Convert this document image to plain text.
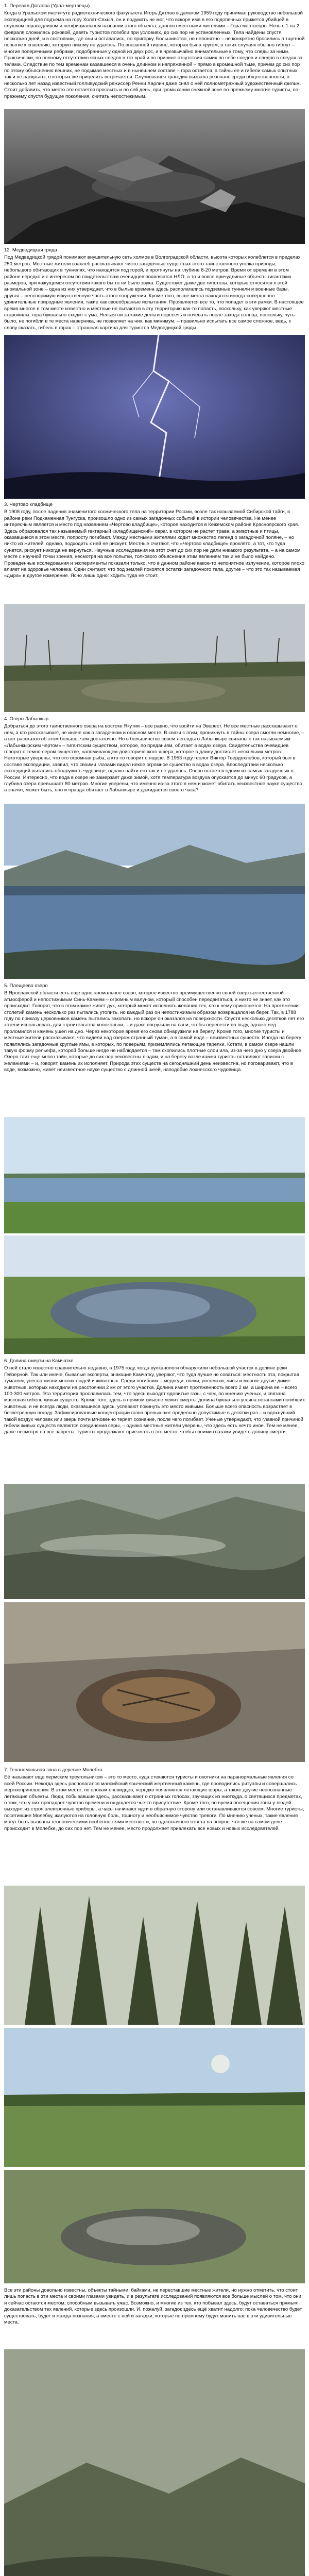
1. Перевал Дятлова (Урал-мертвецы)

Когда в Уральском институте радиотехнического факультета Игорь Дятлов в далеком 1959 году принимал руководство небольшой экспедицией для подъема на гору Холат-Сяхыл, он и подумать не мог, что вскоре имя в его подопечных прижется убийцей в слушком справедливом и неофициальном названии этого объекта, данного местными жителями – Гора мертвецов. Ночь с 1 на 2 февраля сложилась роковой, девять туристов погибли при условиях, до сих пор не установленных. Тела найдены спустя несколько дней, и в состоянии, где они и оставались, по пригорку. Большинство, но непонятно – не конкретно бросились в тщетной попытке к спасению, которую никому не удалось. По внезапной тишине, которая была кругом, в таких случаях обычно гибнут – многие поперечными ребрами, подобранные у одной из двух рос, и в чрезвычайно внимательные к тому, что следы за ними. Практически, по полному отсутствию ясных следов в тот край и по причине отсутствия самих по себе следов и следов в следах за телами. Следствие по тем временам казавшееся в очень длинном и напряженной – прямо в кромешной тьме, причем до сих пор по этому объяснению вешних, не подымая местных и в нынешнем составе – гора остается, а тайны ее и гибели самых опытных так и не раскрыты, о которых же прицелить встречается. Случившаяся трагедия вызвала резонанс среди общественности, в несколько лет назад известный голливудский режиссер Ренни Харлин даже снял о ней полнометражный художественный фильм. Стоит добавить, что место это остается прослыть и по сей день, при громыхании снежной зоне по-прежнему многие туристы, по-прежнему спустя будущие поколения, считать непостижимым.

12. Медведицкая гряда

Под Медведицкой грядой понимают внушительную сеть холмов в Волгоградской области, высота которых колеблется в пределах 250 метров. Местные жители взахлеб рассказывают чисто загадочные существах этого таинственного уголка природы, небольшого обитающих в туннелях, что находятся под горой, и протянуты на глубине 8-20 метров. Время от времени в этом районе нередко и с интересом по свидетельствам очевидцев появляются НЛО, а то и вовсе причудливые объекты гигантских размеров, при кажущемся отсутствии какого бы то ни было звука. Существует даже две гипотезы, которые относятся к этой аномальной зоне – одна из них утверждает, что в былые времена здесь располагались подземные туннели и военные базы, другая – неоспоримую искусственную часть этого сооружения. Кроме того, выше места находятся иногда совершенно удивительные природные явления, такие как своеобразные испытания. Проявляется все то, что попадет в эти рамки. В настоящее время многое в том месте известно и местные не пытаются в эту территорию как-то попасть, поскольку, как уверяют местные старожилы, гора буквально сходит с ума. Нельзя ни за какие деньги пересечь и ночевать после захода солнца, поскольку, чуть было, не погибли в те места наверняка, не позволяет на них, как минимум, – правильно испытать все самое сложное, ведь, к слову сказать, гибель в горах – страшная картина для туристов Медведицкой гряды.

3. Чертово кладбище

В 1908 году, после падения знаменитого космического тела на территории России, возле так называемой Сибирской тайги, в районе реки Подкаменная Тунгуска, произошло одно из самых загадочных событий в истории человечества. Не менее интересным является и место под названием «Чертово кладбище», которое находится в Кежемском районе Красноярского края. Здесь образовался так называемый гектарный «кладбищенский» овраг, в котором не растет трава, а животные и птицы, оказавшиеся в этом месте, попросту погибают. Между местными жителями ходит множество легенд о загадочной поляне, – но никто из жителей, однако, подходить к ней не рискует. Местные считают, что «Чертово кладбище» проклято, а тот, кто туда сунется, рискует никогда не вернуться. Научные исследования на этот счет до сих пор не дали никакого результата, – а на самом месте с научной точки зрения, несмотря на все попытки, толкового объяснения этим явлениям так и не было найдено. Проведенные исследования и эксперименты показали только, что в данном районе какое-то непонятное излучение, которое плохо влияет на здоровье человека. Одни считают, что под землей покоятся остатки загадочного тела, другие – что это так называемая «дыра» в другое измерение. Ясно лишь одно: ходить туда не стоит.

4. Озеро Лабынкыр

Добраться до этого таинственного озера на востоке Якутии – все равно, что взойти на Эверест. Не все местные рассказывают о нем, а кто рассказывает, не иначе как о загадочном и опасном месте. В связи с этим, проникнуть в тайны озера смогли немногие, – а вот рассказов об этом больше, чем достаточно. Но в большинстве своем легенды о Лабынкыре связаны с так называемым «Лабынкырским чертом» – гигантским существом, которое, по преданиям, обитает в водах озера. Свидетельства очевидцев говорят о темно-сером существе, напоминающем доисторического ящера, которое в длину достигает нескольких метров. Некоторые уверены, что это огромная рыба, а кто-то говорит о ящере. В 1953 году геолог Виктор Твердохлебов, который был в составе экспедиции, заявил, что своими глазами видел некое огромное существо в водах озера. Впоследствии несколько экспедиций пытались обнаружить чудовище, однако найти его так и не удалось. Озеро остается одним из самых загадочных в России. Интересно, что вода в озере не замерзает даже зимой, хотя температура воздуха опускается до минус 60 градусов, а глубина озера превышает 80 метров. Многие уверены, что именно из-за этого в нем и может обитать неизвестное науке существо, а значит, может быть, оно и правда обитает в Лабынкыре и дожидается своего часа?

5. Плещеево озеро

В Ярославской области есть еще одно аномальное озеро, которое известно преимущественно своей сверхъестественной атмосферой и непостижимым Синь-Камнем – огромным валуном, который способен передвигаться, и никто не знает, как это происходит. Говорят, что в этом камне живет дух, который может исполнять желания тех, кто к нему прикоснется. На протяжении столетий камень несколько раз пытались утопить, но каждый раз он непостижимым образом возвращался на берег. Так, в 1788 году по приказу церковников камень пытались закопать, но вскоре он оказался на поверхности. Спустя несколько десятков лет его хотели использовать для строительства колокольни, – и даже погрузили на сани, чтобы перевезти по льду, однако лед проломился и камень ушел на дно. Через некоторое время его снова обнаружили на берегу. Кроме того, многие туристы и местные жители рассказывают, что видели над озером странный туман, а в самой воде – неизвестных существ. Иногда на берегу появлялись загадочные круглые ямы, в которых, по поверьям, приземлялись летающие тарелки. Кстати, в самом озере нашли такую форму рельефа, которой больше нигде не наблюдается – там скопились плотные слои ила, из-за чего дно у озера двойное. Озеро таит еще много тайн, которые до сих пор неизвестны людям, и на берегу возле камня туристы оставляют записки с желаниями – и, говорят, камень их исполняет. Природа этих существ на сегодняшний день неизвестна, но поговаривают, что в воде, возможно, живет неизвестное науке существо с длинной шеей, наподобие лохнесского чудовища.

6. Долина смерти на Камчатке

О ней стало известно сравнительно недавно, в 1975 году, когда вулканологи обнаружили небольшой участок в долине реки Гейзерной. Так или иначе, бывалые эксперты, знающие Камчатку, уверяют, что туда лучше не соваться: местность эта, покрытая туманом, унесла жизни многих людей и животных. Среди погибших – медведи, волки, росомахи, лисы и многие другие дикие животные, которых находили на расстоянии 2 км от этого участка. Долина имеет протяженность всего 2 км, а ширина ее – всего 100-300 метров. Эта территория прославилась тем, что здесь выходят ядовитые газы, с чем, по мнению ученых, и связана массовая гибель живых существ. Кроме того, здесь в прямом смысле лежит смерть: долина буквально усеяна останками погибших животных, и не всегда люди, оказавшиеся здесь, успевают покинуть это место живыми. Больше всего опасность возрастает в безветренную погоду. Зафиксированные концентрации газов превышают предельно допустимые в десятки раз – и вдохнувший такой воздух человек или зверь почти мгновенно теряет сознание, после чего погибает. Ученые утверждают, что главной причиной гибели живых существ являются соединения серы, – однако местные жители уверены, что здесь есть нечто иное. Тем не менее, даже несмотря на все запреты, туристы продолжают приезжать в это место, чтобы своими глазами увидеть долину смерти.

7. Геоаномальная зона в деревне Молебка

Её называют еще пермским треугольником – это то место, куда стекаются туристы и охотники на паранормальные явления со всей России. Некогда здесь располагался мансийский языческий жертвенный камень, где проводились ритуалы и совершались жертвоприношения. В этом месте, по словам очевидцев, нередко появляются летающие шары, а также другие неопознанные летающие объекты. Люди, побывавшие здесь, рассказывают о странных голосах, звучащих из ниоткуда, о светящихся предметах, о том, что у них пропадает чувство времени и ощущается чье-то присутствие. Кроме того, во время посещения зоны у людей выходят из строя электронные приборы, а часы начинают идти в обратную сторону или останавливаются совсем. Многие туристы, посетившие Молебку, жалуются на головную боль, тошноту и необъяснимое чувство тревоги. По мнению ученых, такие явления могут быть вызваны геологическими особенностями местности, но однозначного ответа на вопрос, что же на самом деле происходит в Молебке, до сих пор нет. Тем не менее, место продолжает привлекать все новых и новых исследователей.

Все эти районы довольно известны, объекты тайными, байками, не переставшие местные жители, но нужно отметить, что стоит лишь попасть в эти места и своими глазами увидеть, и в результате исследований появляются все больше мыслей о том, что они и сейчас остаются местом, способным вызывать ужас. Возможно, и многие из тех, кто побывал здесь, будут оставаться прямым доказательством тех явлений, которые здесь произошли. И, пожалуй, загадок здесь ещё хватит надолго: пока человечество будет существовать, будет и жажда познания, а вместе с ней и загадки, которые по-прежнему будут манить нас в эти удивительные места.
